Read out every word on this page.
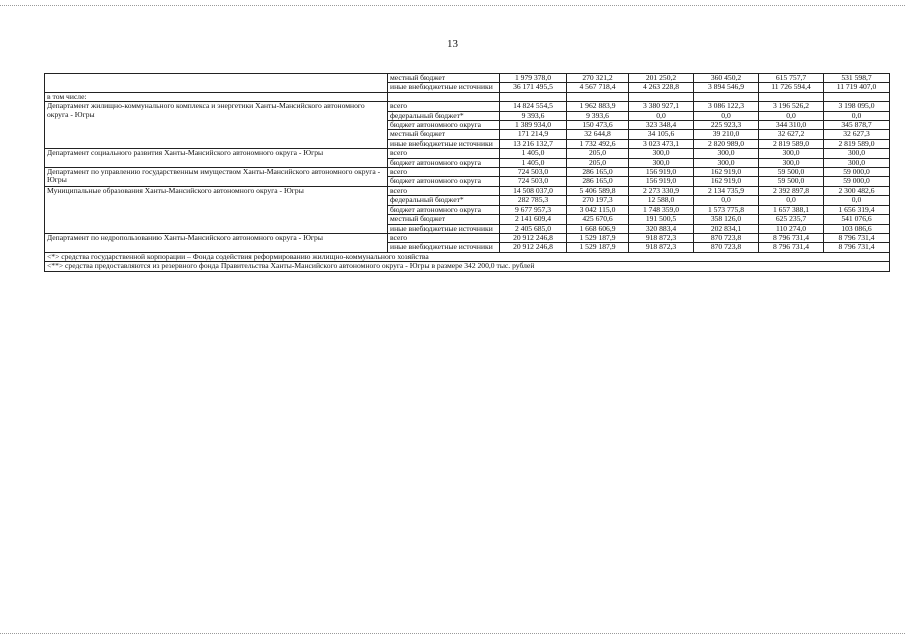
13
	местный бюджет	1 979 378,0	270 321,2	201 250,2	360 450,2	615 757,7	531 598,7
	иные внебюджетные источники	36 171 495,5	4 567 718,4	4 263 228,8	3 894 546,9	11 726 594,4	11 719 407,0
в том числе:							
Департамент жилищно-коммунального комплекса и энергетики Ханты-Мансийского автономного округа - Югры	всего	14 824 554,5	1 962 883,9	3 380 927,1	3 086 122,3	3 196 526,2	3 198 095,0
	федеральный бюджет*	9 393,6	9 393,6	0,0	0,0	0,0	0,0
	бюджет автономного округа	1 389 934,0	150 473,6	323 348,4	225 923,3	344 310,0	345 878,7
	местный бюджет	171 214,9	32 644,8	34 105,6	39 210,0	32 627,2	32 627,3
	иные внебюджетные источники	13 216 132,7	1 732 492,6	3 023 473,1	2 820 989,0	2 819 589,0	2 819 589,0
Департамент социального развития Ханты-Мансийского автономного округа - Югры	всего	1 405,0	205,0	300,0	300,0	300,0	300,0
	бюджет автономного округа	1 405,0	205,0	300,0	300,0	300,0	300,0
Департамент по управлению государственным имуществом Ханты-Мансийского автономного округа - Югры	всего	724 503,0	286 165,0	156 919,0	162 919,0	59 500,0	59 000,0
	бюджет автономного округа	724 503,0	286 165,0	156 919,0	162 919,0	59 500,0	59 000,0
Муниципальные образования Ханты-Мансийского автономного округа - Югры	всего	14 508 037,0	5 406 589,8	2 273 330,9	2 134 735,9	2 392 897,8	2 300 482,6
	федеральный бюджет*	282 785,3	270 197,3	12 588,0	0,0	0,0	0,0
	бюджет автономного округа	9 677 957,3	3 042 115,0	1 748 359,0	1 573 775,8	1 657 388,1	1 656 319,4
	местный бюджет	2 141 609,4	425 670,6	191 500,5	358 126,0	625 235,7	541 076,6
	иные внебюджетные источники	2 405 685,0	1 668 606,9	320 883,4	202 834,1	110 274,0	103 086,6
Департамент по недропользованию Ханты-Мансийского автономного округа - Югры	всего	20 912 246,8	1 529 187,9	918 872,3	870 723,8	8 796 731,4	8 796 731,4
	иные внебюджетные источники	20 912 246,8	1 529 187,9	918 872,3	870 723,8	8 796 731,4	8 796 731,4
<*> средства государственной корпорации – Фонда содействия реформированию жилищно-коммунального хозяйства							
<**> средства предоставляются из резервного фонда Правительства Ханты-Мансийского автономного округа - Югры в размере 342 200,0 тыс. рублей							
